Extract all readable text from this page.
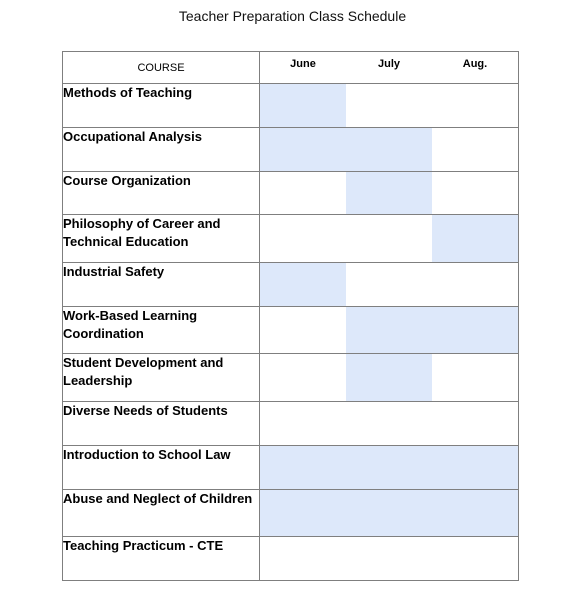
Teacher Preparation Class Schedule
COURSE	June July Aug.

Methods of Teaching	

Occupational Analysis	

Course Organization	

Philosophy of Career and Technical Education	

Industrial Safety	

Work-Based Learning Coordination	

Student Development and Leadership	

Diverse Needs of Students	

Introduction to School Law	

Abuse and Neglect of Children	

Teaching Practicum - CTE	
